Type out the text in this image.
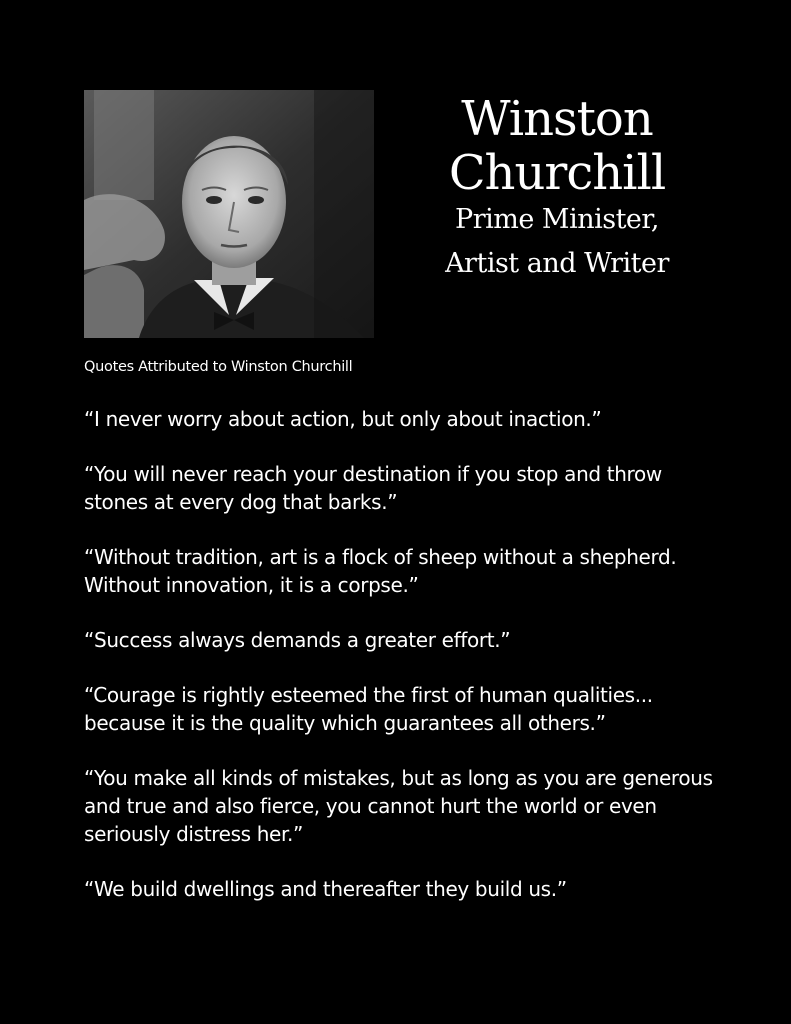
Winston
Churchill
Prime Minister,
Artist and Writer
Quotes Attributed to Winston Churchill

“I never worry about action, but only about inaction.”

“You will never reach your destination if you stop and throw stones at every dog that barks.”

“Without tradition, art is a flock of sheep without a shepherd. Without innovation, it is a corpse.”

“Success always demands a greater effort.”

“Courage is rightly esteemed the first of human qualities... because it is the quality which guarantees all others.”

“You make all kinds of mistakes, but as long as you are generous and true and also fierce, you cannot hurt the world or even seriously distress her.”

“We build dwellings and thereafter they build us.”
